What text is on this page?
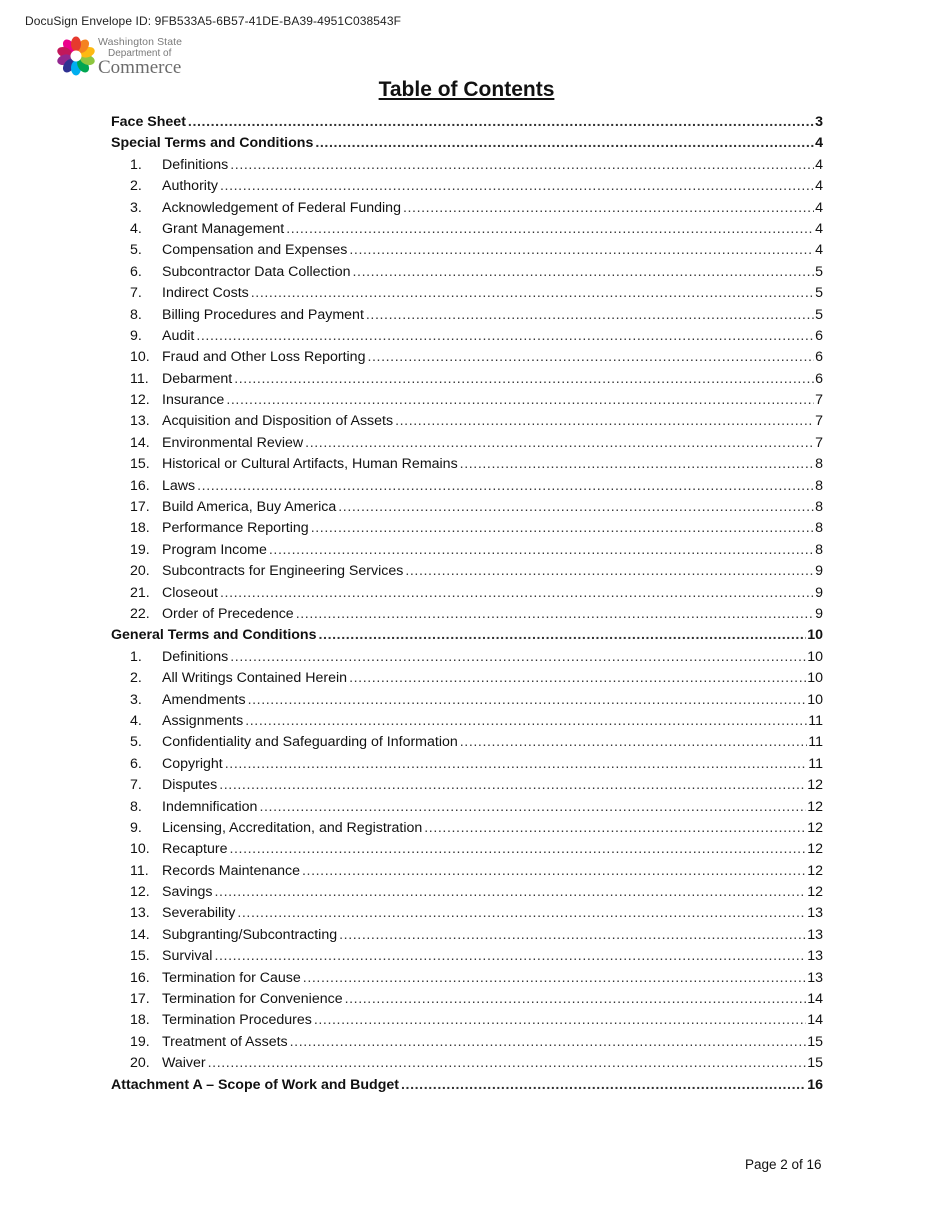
DocuSign Envelope ID: 9FB533A5-6B57-41DE-BA39-4951C038543F
Washington State
Department of
Commerce
Table of Contents
Face Sheet .....	3
Special Terms and Conditions .....	4
1.	Definitions .....	4
2.	Authority .....	4
3.	Acknowledgement of Federal Funding .....	4
4.	Grant Management .....	4
5.	Compensation and Expenses .....	4
6.	Subcontractor Data Collection .....	5
7.	Indirect Costs .....	5
8.	Billing Procedures and Payment .....	5
9.	Audit .....	6
10. Fraud and Other Loss Reporting .....	6
11. Debarment .....	6
12. Insurance .....	7
13. Acquisition and Disposition of Assets .....	7
14. Environmental Review .....	7
15. Historical or Cultural Artifacts, Human Remains .....	8
16. Laws .....	8
17. Build America, Buy America .....	8
18. Performance Reporting .....	8
19. Program Income .....	8
20. Subcontracts for Engineering Services .....	9
21. Closeout .....	9
22. Order of Precedence .....	9
General Terms and Conditions .....	10
1.	Definitions .....	10
2.	All Writings Contained Herein .....	10
3.	Amendments .....	10
4.	Assignments .....	11
5.	Confidentiality and Safeguarding of Information .....	11
6.	Copyright .....	11
7.	Disputes .....	12
8.	Indemnification .....	12
9.	Licensing, Accreditation, and Registration .....	12
10. Recapture .....	12
11. Records Maintenance .....	12
12. Savings .....	12
13. Severability .....	13
14. Subgranting/Subcontracting .....	13
15. Survival .....	13
16. Termination for Cause .....	13
17. Termination for Convenience .....	14
18. Termination Procedures .....	14
19. Treatment of Assets .....	15
20. Waiver .....	15
Attachment A – Scope of Work and Budget .....	16
Page 2 of 16
